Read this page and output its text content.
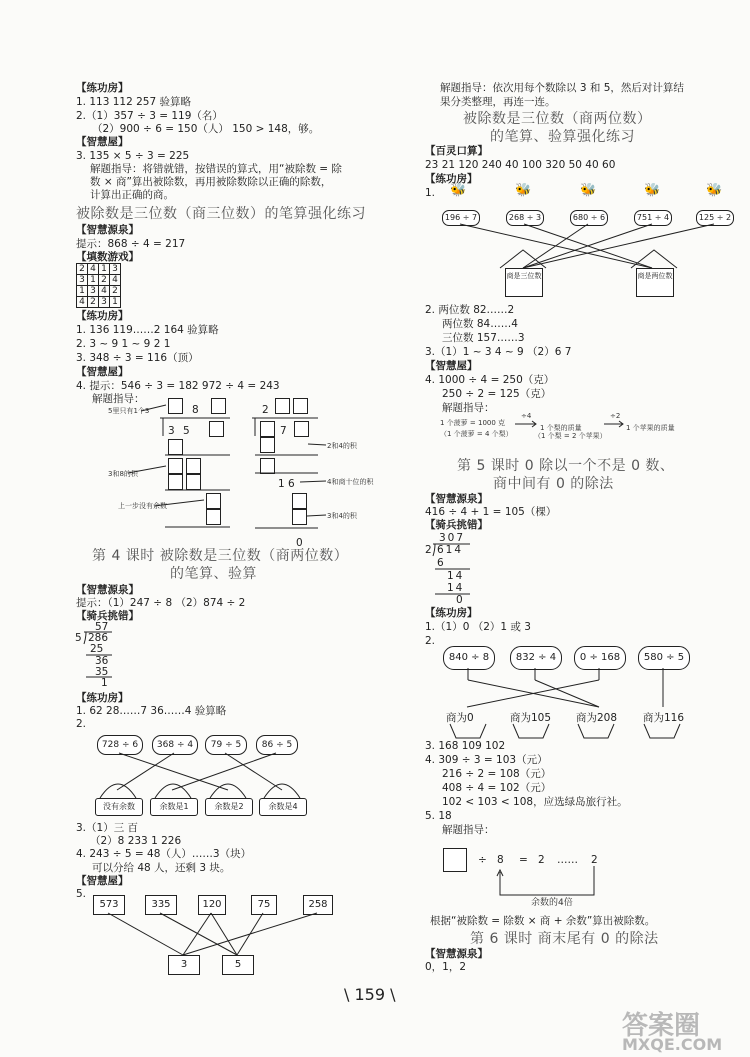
【练功房】
1. 113 112 257 验算略
2.（1）357 ÷ 3 = 119（名）
（2）900 ÷ 6 = 150（人） 150 > 148，够。
【智慧屋】
3. 135 × 5 ÷ 3 = 225
解题指导：将错就错，按错误的算式，用“被除数 = 除
数 × 商”算出被除数，再用被除数除以正确的除数，
计算出正确的商。
被除数是三位数（商三位数）的笔算强化练习
【智慧源泉】
提示：868 ÷ 4 = 217
【填数游戏】
2 4 1 3
3 1 2 4
1 3 4 2
4 2 3 1
【练功房】
1. 136 119……2 164 验算略
2. 3 ~ 9 1 ~ 9 2 1
3. 348 ÷ 3 = 116（顶）
【智慧屋】
4. 提示：546 ÷ 3 = 182 972 ÷ 4 = 243
解题指导：
5里只有1个3
3和8的积
上一步没有余数
2和4的积
4和商十位的积
3和4的积
8
3 5
2
7
1 6
0
第 4 课时 被除数是三位数（商两位数）
的笔算、验算
【智慧源泉】
提示：（1）247 ÷ 8 （2）874 ÷ 2
【骑兵挑错】
57
5 286
25
36
35
1
【练功房】
1. 62 28……7 36……4 验算略
2.
728 ÷ 6	368 ÷ 4	79 ÷ 5	86 ÷ 5
没有余数	余数是1	余数是2	余数是4
3.（1）三 百
（2）8 233 1 226
4. 243 ÷ 5 = 48（人）……3（块）
可以分给 48 人，还剩 3 块。
【智慧屋】
5.
573	335	120	75	258
3	5
解题指导：依次用每个数除以 3 和 5，然后对计算结
果分类整理，再连一连。
被除数是三位数（商两位数）
的笔算、验算强化练习
【百灵口算】
23 21 120 240 40 100 320 50 40 60
【练功房】
1. 🐝
196 ÷ 7
🐝
268 ÷ 3
🐝
680 ÷ 6
🐝
751 ÷ 4
🐝
125 ÷ 2
商是三位数	商是两位数
2. 两位数 82……2
两位数 84……4
三位数 157……3
3.（1）1 ~ 3 4 ~ 9 （2）6 7
【智慧屋】
4. 1000 ÷ 4 = 250（克）
250 ÷ 2 = 125（克）
解题指导：
1 个菠萝 = 1000 克
（1 个菠萝 = 4 个梨）
÷4
1 个梨的质量
（1 个梨 = 2 个苹果）
÷2
1 个苹果的质量
第 5 课时 0 除以一个不是 0 数、
商中间有 0 的除法
【智慧源泉】
416 ÷ 4 + 1 = 105（棵）
【骑兵挑错】
307
2 614
6
14
14
0
【练功房】
1.（1）0 （2）1 或 3
2.
840 ÷ 8	832 ÷ 4	0 ÷ 168	580 ÷ 5
商为0	商为105 商为208 商为116
3. 168 109 102
4. 309 ÷ 3 = 103（元）
216 ÷ 2 = 108（元）
408 ÷ 4 = 102（元）
102 < 103 < 108，应选绿岛旅行社。
5. 18
解题指导：
÷ 8 = 2 …… 2
余数的4倍
根据“被除数 = 除数 × 商 + 余数”算出被除数。
第 6 课时 商末尾有 0 的除法
【智慧源泉】
0，1，2
\ 159 \
答案圈
MXQE.COM
